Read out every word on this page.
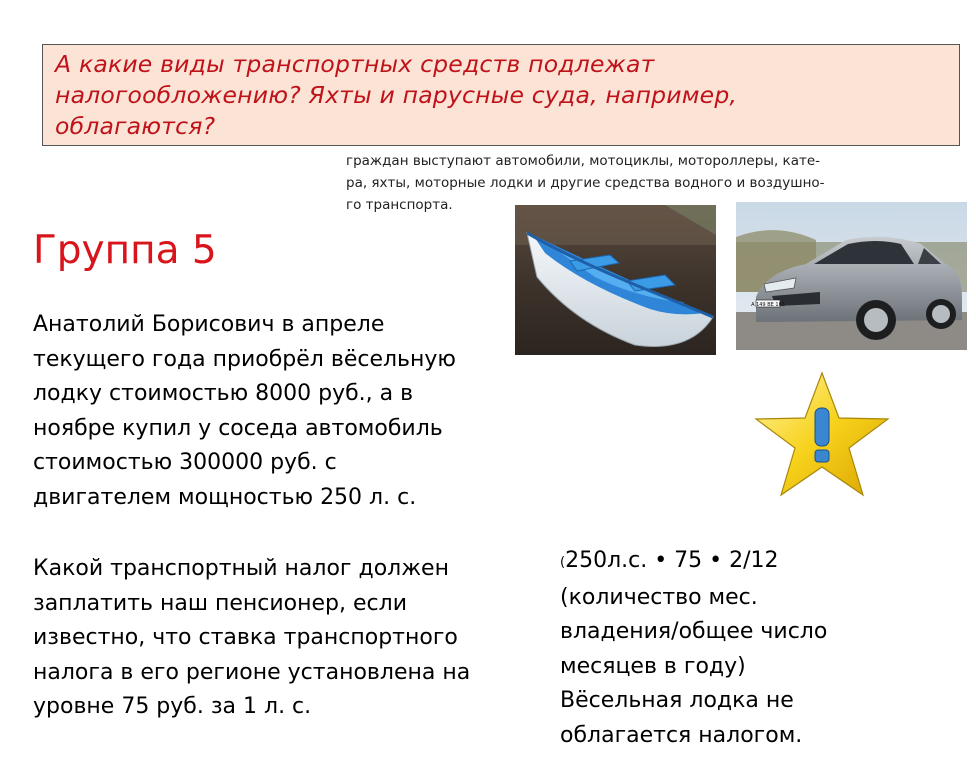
А какие виды транспортных средств подлежат
налогообложению? Яхты и парусные суда, например,
облагаются?
граждан выступают автомобили, мотоциклы, мотороллеры, кате-
ра, яхты, моторные лодки и другие средства водного и воздушно-
го транспорта.
Группа 5
Анатолий Борисович в апреле
текущего года приобрёл вёсельную
лодку стоимостью 8000 руб., а в
ноябре купил у соседа автомобиль
стоимостью 300000 руб. с
двигателем мощностью 250 л. с.
Какой транспортный налог должен
заплатить наш пенсионер, если
известно, что ставка транспортного
налога в его регионе установлена на
уровне 75 руб. за 1 л. с.
(250л.с. • 75 • 2/12
(количество мес.
владения/общее число
месяцев в году)
Вёсельная лодка не
облагается налогом.
А 149 ВЕ 163
